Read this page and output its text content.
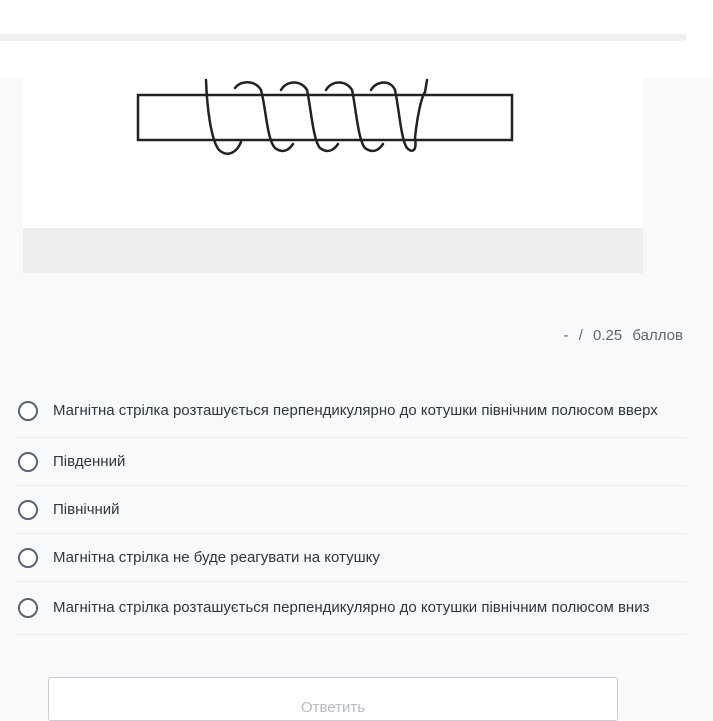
- / 0.25 баллов
Магнітна стрілка розташується перпендикулярно до котушки північним полюсом вверх
Південний
Північний
Магнітна стрілка не буде реагувати на котушку
Магнітна стрілка розташується перпендикулярно до котушки північним полюсом вниз
Ответить
